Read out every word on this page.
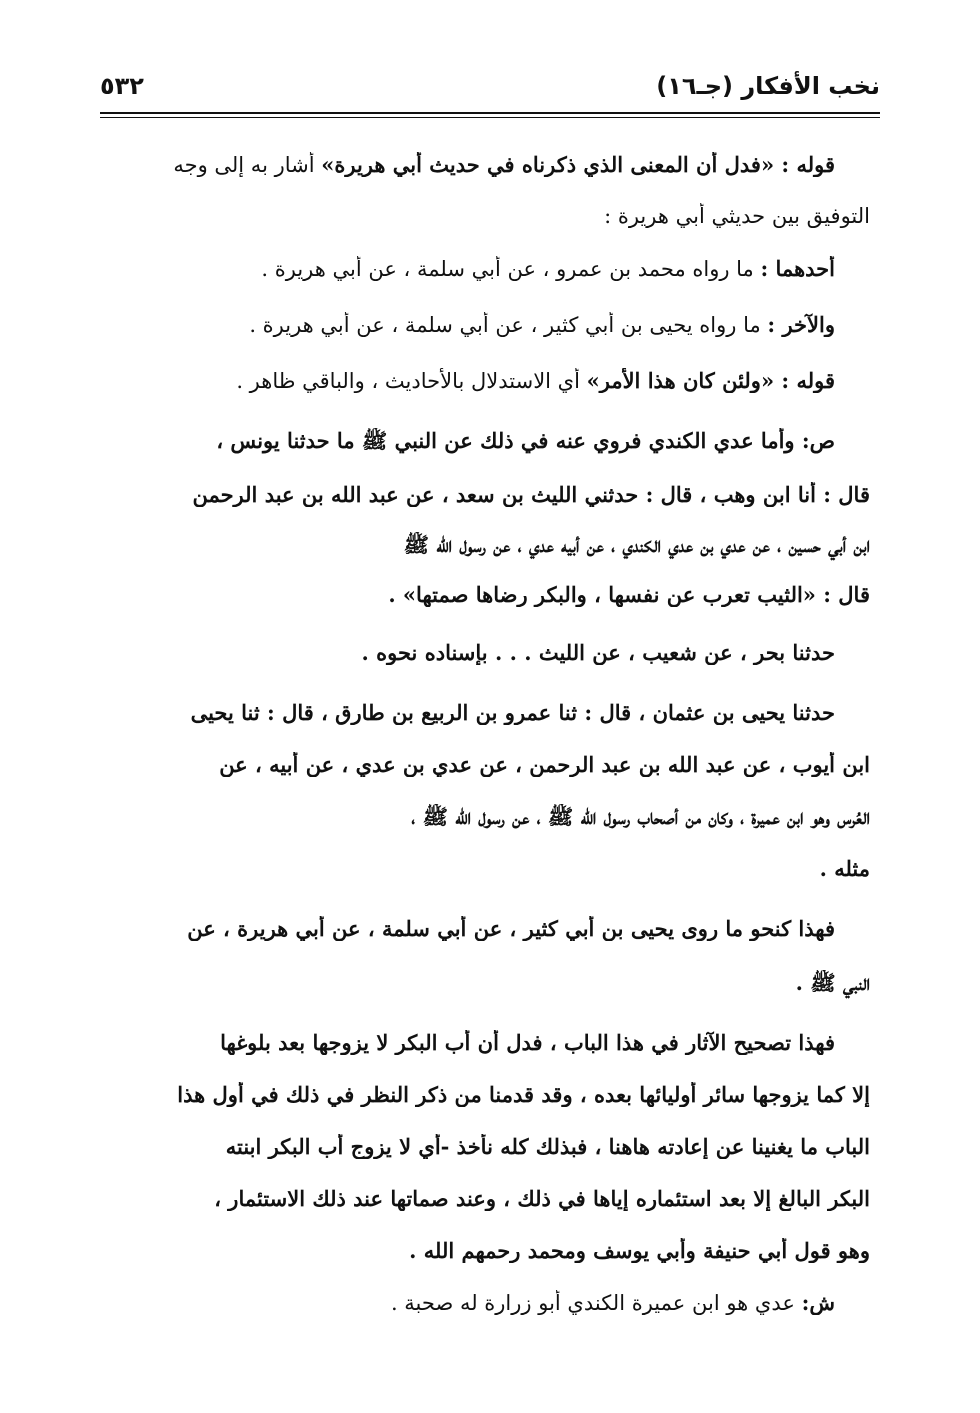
نخب الأفكار (جـ١٦)
٥٣٢
قوله : «فدل أن المعنى الذي ذكرناه في حديث أبي هريرة» أشار به إلى وجه
التوفيق بين حديثي أبي هريرة :
أحدهما : ما رواه محمد بن عمرو ، عن أبي سلمة ، عن أبي هريرة .
والآخر : ما رواه يحيى بن أبي كثير ، عن أبي سلمة ، عن أبي هريرة .
قوله : «ولئن كان هذا الأمر» أي الاستدلال بالأحاديث ، والباقي ظاهر .
ص: وأما عدي الكندي فروي عنه في ذلك عن النبي ﷺ ما حدثنا يونس ،
قال : أنا ابن وهب ، قال : حدثني الليث بن سعد ، عن عبد الله بن عبد الرحمن
ابن أبي حسين ، عن عدي بن عدي الكندي ، عن أبيه عدي ، عن رسول الله ﷺ
قال : «الثيب تعرب عن نفسها ، والبكر رضاها صمتها» .
حدثنا بحر ، عن شعيب ، عن الليث . . . بإسناده نحوه .
حدثنا يحيى بن عثمان ، قال : ثنا عمرو بن الربيع بن طارق ، قال : ثنا يحيى
ابن أيوب ، عن عبد الله بن عبد الرحمن ، عن عدي بن عدي ، عن أبيه ، عن
العُرس وهو ابن عميرة ، وكان من أصحاب رسول الله ﷺ ، عن رسول الله ﷺ ،
مثله .
فهذا كنحو ما روى يحيى بن أبي كثير ، عن أبي سلمة ، عن أبي هريرة ، عن
النبي ﷺ .
فهذا تصحيح الآثار في هذا الباب ، فدل أن أب البكر لا يزوجها بعد بلوغها
إلا كما يزوجها سائر أوليائها بعده ، وقد قدمنا من ذكر النظر في ذلك في أول هذا
الباب ما يغنينا عن إعادته هاهنا ، فبذلك كله نأخذ -أي لا يزوج أب البكر ابنته
البكر البالغ إلا بعد استئماره إياها في ذلك ، وعند صماتها عند ذلك الاستئمار ،
وهو قول أبي حنيفة وأبي يوسف ومحمد رحمهم الله .
ش: عدي هو ابن عميرة الكندي أبو زرارة له صحبة .
